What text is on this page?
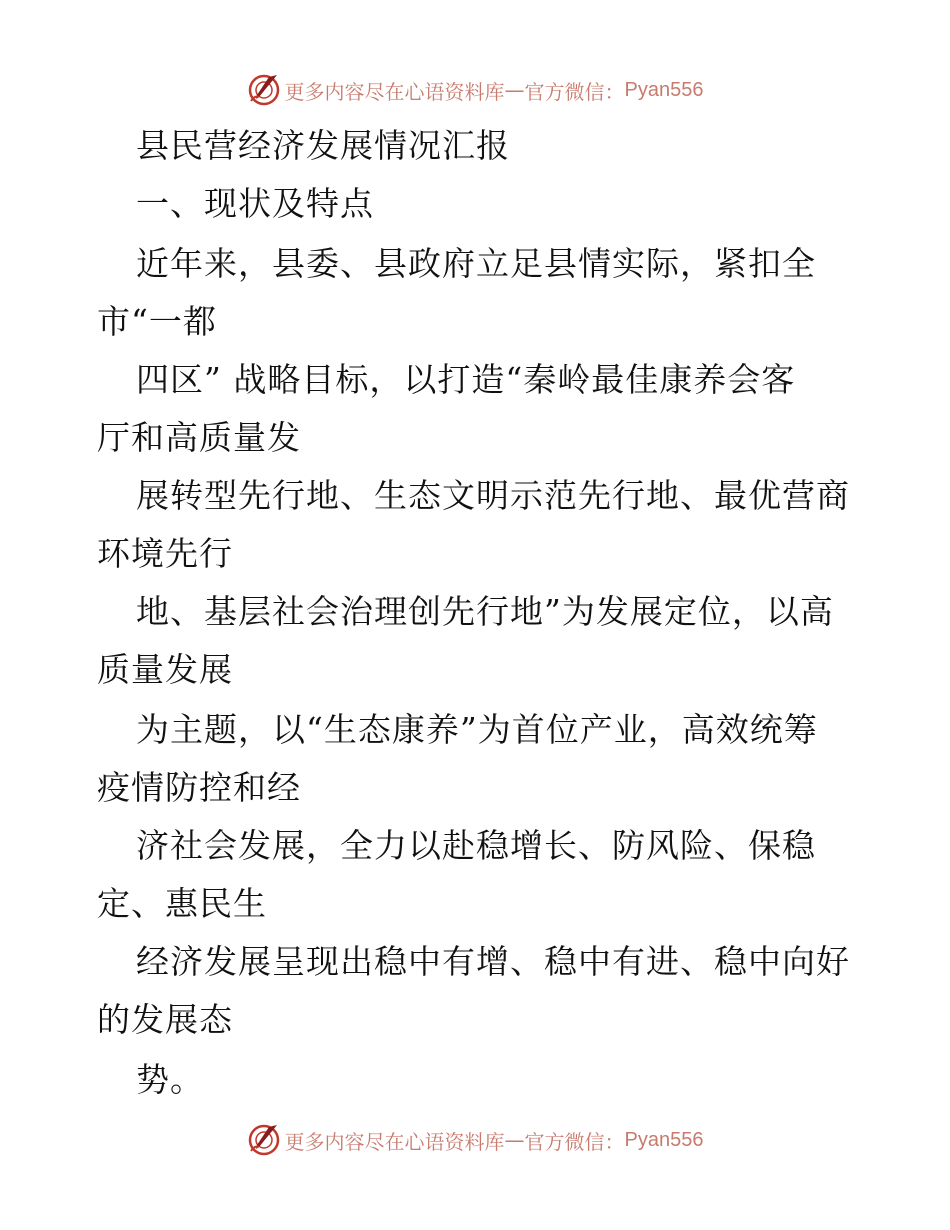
更多内容尽在心语资料库 — 官方微信： Pyan556
县民营经济发展情况汇报
一、现状及特点
近年来，县委、县政府立足县情实际，紧扣全
市“一都
四区” 战略目标，以打造“秦岭最佳康养会客
厅和高质量发
展转型先行地、生态文明示范先行地、最优营商
环境先行
地、基层社会治理创先行地”为发展定位，以高
质量发展
为主题，以“生态康养”为首位产业，高效统筹
疫情防控和经
济社会发展，全力以赴稳增长、防风险、保稳
定、惠民生
经济发展呈现出稳中有增、稳中有进、稳中向好
的发展态
势。
更多内容尽在心语资料库 — 官方微信： Pyan556
